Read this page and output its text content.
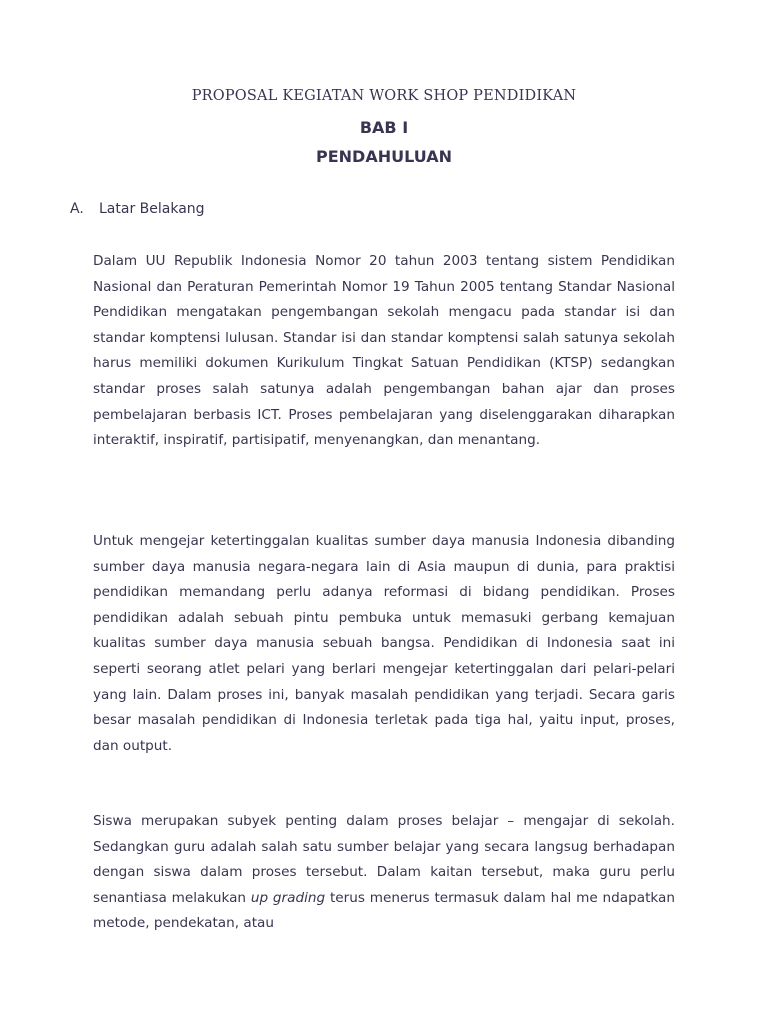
PROPOSAL KEGIATAN WORK SHOP PENDIDIKAN
BAB I
PENDAHULUAN
A. Latar Belakang

Dalam UU Republik Indonesia Nomor 20 tahun 2003 tentang sistem Pendidikan Nasional dan Peraturan Pemerintah Nomor 19 Tahun 2005 tentang Standar Nasional Pendidikan mengatakan pengembangan sekolah mengacu pada standar isi dan standar komptensi lulusan. Standar isi dan standar komptensi salah satunya sekolah harus memiliki dokumen Kurikulum Tingkat Satuan Pendidikan (KTSP) sedangkan standar proses salah satunya adalah pengembangan bahan ajar dan proses pembelajaran berbasis ICT. Proses pembelajaran yang diselenggarakan diharapkan interaktif, inspiratif, partisipatif, menyenangkan, dan menantang.

Untuk mengejar ketertinggalan kualitas sumber daya manusia Indonesia dibanding sumber daya manusia negara-negara lain di Asia maupun di dunia, para praktisi pendidikan memandang perlu adanya reformasi di bidang pendidikan. Proses pendidikan adalah sebuah pintu pembuka untuk memasuki gerbang kemajuan kualitas sumber daya manusia sebuah bangsa. Pendidikan di Indonesia saat ini seperti seorang atlet pelari yang berlari mengejar ketertinggalan dari pelari-pelari yang lain. Dalam proses ini, banyak masalah pendidikan yang terjadi. Secara garis besar masalah pendidikan di Indonesia terletak pada tiga hal, yaitu input, proses, dan output.

Siswa merupakan subyek penting dalam proses belajar – mengajar di sekolah. Sedangkan guru adalah salah satu sumber belajar yang secara langsug berhadapan dengan siswa dalam proses tersebut. Dalam kaitan tersebut, maka guru perlu senantiasa melakukan up grading terus menerus termasuk dalam hal me ndapatkan metode, pendekatan, atau
